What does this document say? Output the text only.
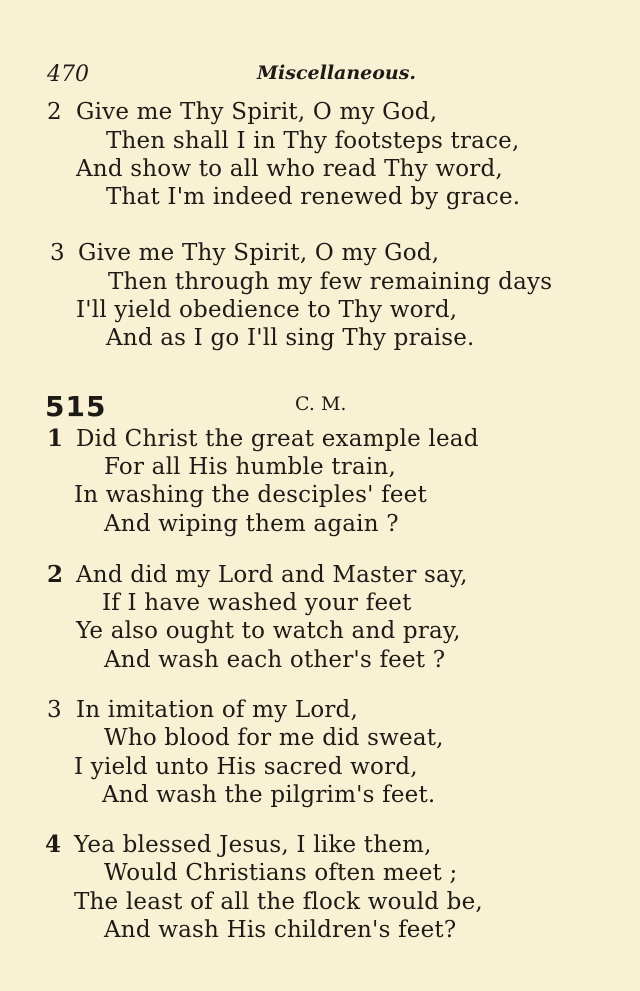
470	Miscellaneous.
2 Give me Thy Spirit, O my God,
Then shall I in Thy footsteps trace,
And show to all who read Thy word,
That I'm indeed renewed by grace.
3 Give me Thy Spirit, O my God,
Then through my few remaining days
I'll yield obedience to Thy word,
And as I go I'll sing Thy praise.
515	C. M.
1 Did Christ the great example lead
For all His humble train,
In washing the desciples' feet
And wiping them again ?
2 And did my Lord and Master say,
If I have washed your feet
Ye also ought to watch and pray,
And wash each other's feet ?
3 In imitation of my Lord,
Who blood for me did sweat,
I yield unto His sacred word,
And wash the pilgrim's feet.
4 Yea blessed Jesus, I like them,
Would Christians often meet ;
The least of all the flock would be,
And wash His children's feet?
